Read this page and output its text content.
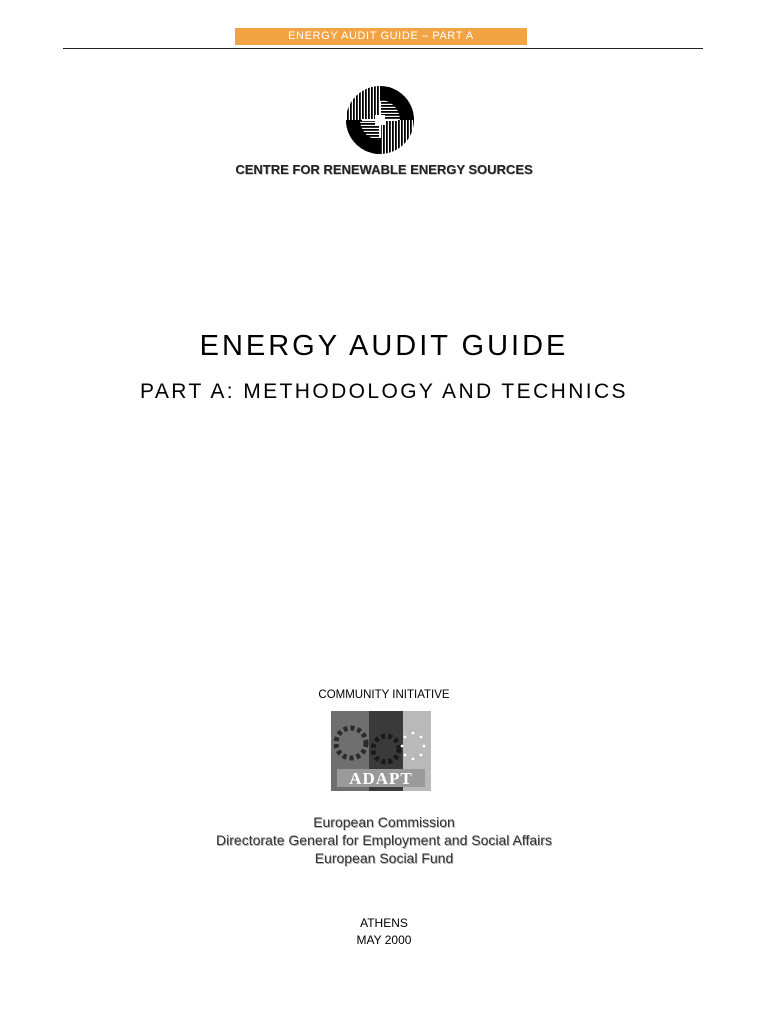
ENERGY AUDIT GUIDE – PART A
CENTRE FOR RENEWABLE ENERGY SOURCES
ENERGY AUDIT GUIDE
PART A: METHODOLOGY AND TECHNICS
COMMUNITY INITIATIVE
ADAPT
European Commission
Directorate General for Employment and Social Affairs
European Social Fund
ATHENS
MAY 2000
